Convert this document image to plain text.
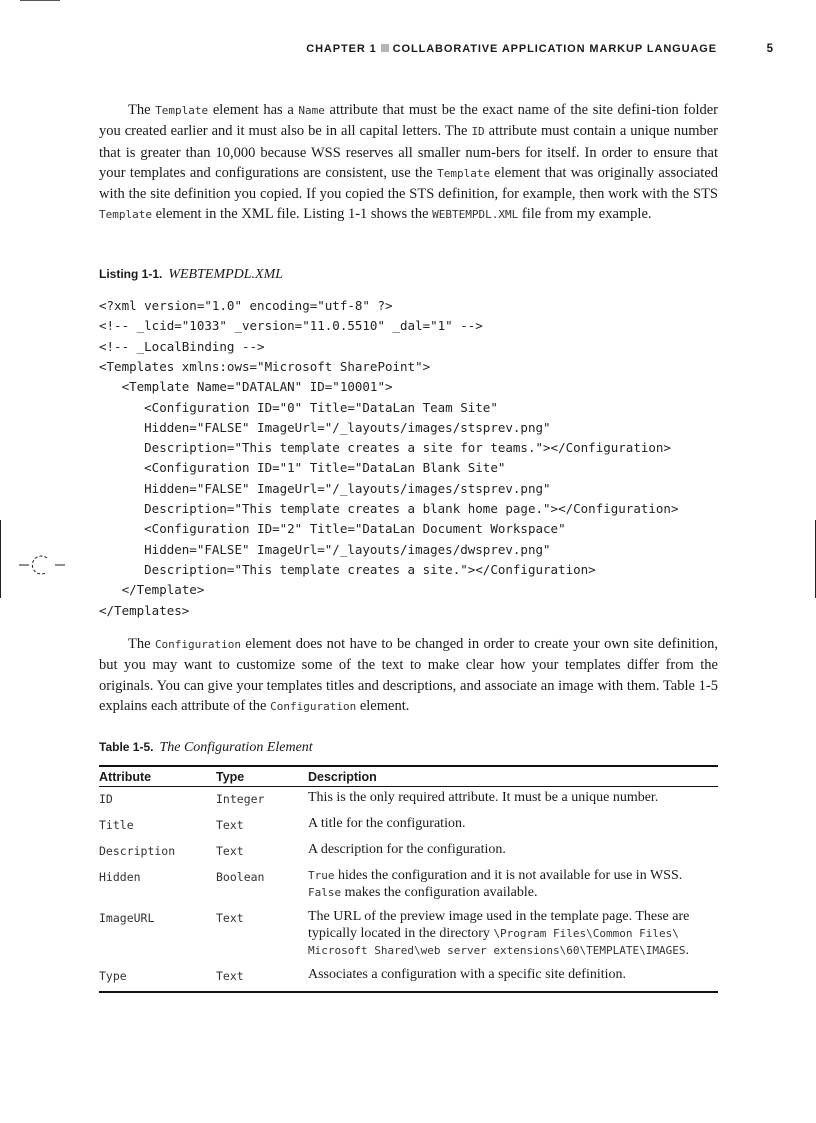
CHAPTER 1 COLLABORATIVE APPLICATION MARKUP LANGUAGE	5

The Template element has a Name attribute that must be the exact name of the site defini-tion folder you created earlier and it must also be in all capital letters. The ID attribute must contain a unique number that is greater than 10,000 because WSS reserves all smaller num-bers for itself. In order to ensure that your templates and configurations are consistent, use the Template element that was originally associated with the site definition you copied. If you copied the STS definition, for example, then work with the STS Template element in the XML file. Listing 1-1 shows the WEBTEMPDL.XML file from my example.

Listing 1-1. WEBTEMPDL.XML
<?xml version="1.0" encoding="utf-8" ?>
<!-- _lcid="1033" _version="11.0.5510" _dal="1" -->
<!-- _LocalBinding -->
<Templates xmlns:ows="Microsoft SharePoint">
<Template Name="DATALAN" ID="10001">
<Configuration ID="0" Title="DataLan Team Site"
Hidden="FALSE" ImageUrl="/_layouts/images/stsprev.png"
Description="This template creates a site for teams."></Configuration>
<Configuration ID="1" Title="DataLan Blank Site"
Hidden="FALSE" ImageUrl="/_layouts/images/stsprev.png"
Description="This template creates a blank home page."></Configuration>
<Configuration ID="2" Title="DataLan Document Workspace"
Hidden="FALSE" ImageUrl="/_layouts/images/dwsprev.png"
Description="This template creates a site."></Configuration>
</Template>
</Templates>

The Configuration element does not have to be changed in order to create your own site definition, but you may want to customize some of the text to make clear how your templates differ from the originals. You can give your templates titles and descriptions, and associate an image with them. Table 1-5 explains each attribute of the Configuration element.

Table 1-5. The Configuration Element
Attribute	Type	Description
ID	Integer	This is the only required attribute. It must be a unique number.
Title	Text	A title for the configuration.
Description	Text	A description for the configuration.
Hidden	Boolean	True hides the configuration and it is not available for use in WSS. False makes the configuration available.
ImageURL	Text	The URL of the preview image used in the template page. These are typically located in the directory \Program Files\Common Files\ Microsoft Shared\web server extensions\60\TEMPLATE\IMAGES.
Type	Text	Associates a configuration with a specific site definition.
